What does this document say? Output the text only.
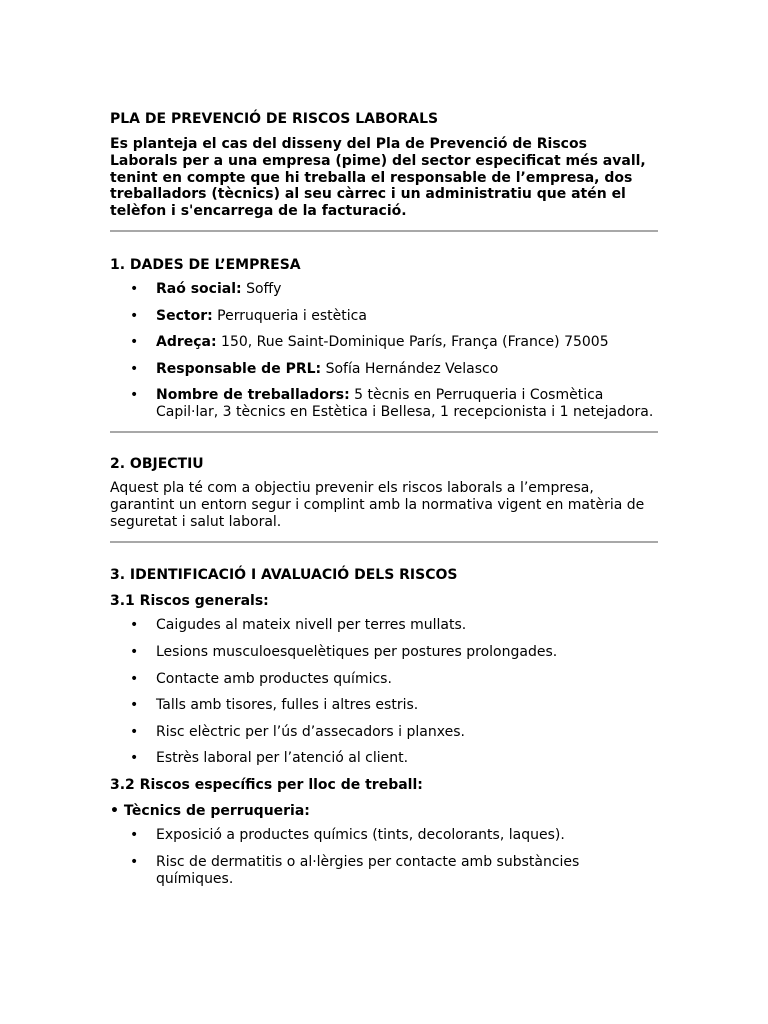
PLA DE PREVENCIÓ DE RISCOS LABORALS

Es planteja el cas del disseny del Pla de Prevenció de Riscos Laborals per a una empresa (pime) del sector especificat més avall, tenint en compte que hi treballa el responsable de l’empresa, dos treballadors (tècnics) al seu càrrec i un administratiu que atén el telèfon i s'encarrega de la facturació.

1. DADES DE L’EMPRESA
• Raó social: Soffy
• Sector: Perruqueria i estètica
• Adreça: 150, Rue Saint-Dominique París, França (France) 75005
• Responsable de PRL: Sofía Hernández Velasco
• Nombre de treballadors: 5 tècnis en Perruqueria i Cosmètica Capil·lar, 3 tècnics en Estètica i Bellesa, 1 recepcionista i 1 netejadora.
2. OBJECTIU

Aquest pla té com a objectiu prevenir els riscos laborals a l’empresa, garantint un entorn segur i complint amb la normativa vigent en matèria de seguretat i salut laboral.

3. IDENTIFICACIÓ I AVALUACIÓ DELS RISCOS
3.1 Riscos generals:
• Caigudes al mateix nivell per terres mullats.
• Lesions musculoesquelètiques per postures prolongades.
• Contacte amb productes químics.
• Talls amb tisores, fulles i altres estris.
• Risc elèctric per l’ús d’assecadors i planxes.
• Estrès laboral per l’atenció al client.
3.2 Riscos específics per lloc de treball:
• Tècnics de perruqueria:
• Exposició a productes químics (tints, decolorants, laques).
• Risc de dermatitis o al·lèrgies per contacte amb substàncies químiques.
